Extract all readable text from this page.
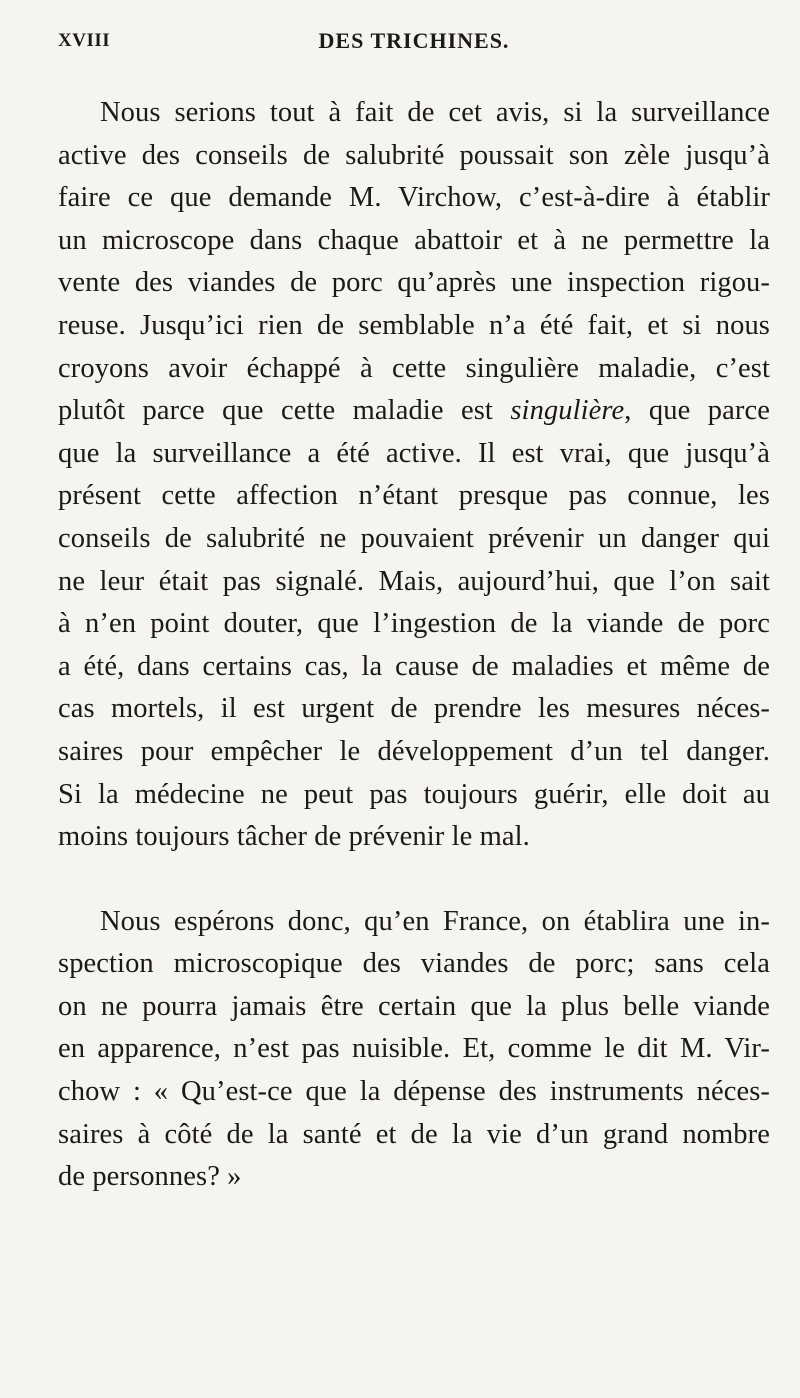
XVIII	DES TRICHINES.
Nous serions tout à fait de cet avis, si la surveillance
active des conseils de salubrité poussait son zèle jusqu’à
faire ce que demande M. Virchow, c’est-à-dire à établir
un microscope dans chaque abattoir et à ne permettre la
vente des viandes de porc qu’après une inspection rigou-
reuse. Jusqu’ici rien de semblable n’a été fait, et si nous
croyons avoir échappé à cette singulière maladie, c’est
plutôt parce que cette maladie est singulière, que parce
que la surveillance a été active. Il est vrai, que jusqu’à
présent cette affection n’étant presque pas connue, les
conseils de salubrité ne pouvaient prévenir un danger qui
ne leur était pas signalé. Mais, aujourd’hui, que l’on sait
à n’en point douter, que l’ingestion de la viande de porc
a été, dans certains cas, la cause de maladies et même de
cas mortels, il est urgent de prendre les mesures néces-
saires pour empêcher le développement d’un tel danger.
Si la médecine ne peut pas toujours guérir, elle doit au
moins toujours tâcher de prévenir le mal.
Nous espérons donc, qu’en France, on établira une in-
spection microscopique des viandes de porc; sans cela
on ne pourra jamais être certain que la plus belle viande
en apparence, n’est pas nuisible. Et, comme le dit M. Vir-
chow : « Qu’est-ce que la dépense des instruments néces-
saires à côté de la santé et de la vie d’un grand nombre
de personnes? »
